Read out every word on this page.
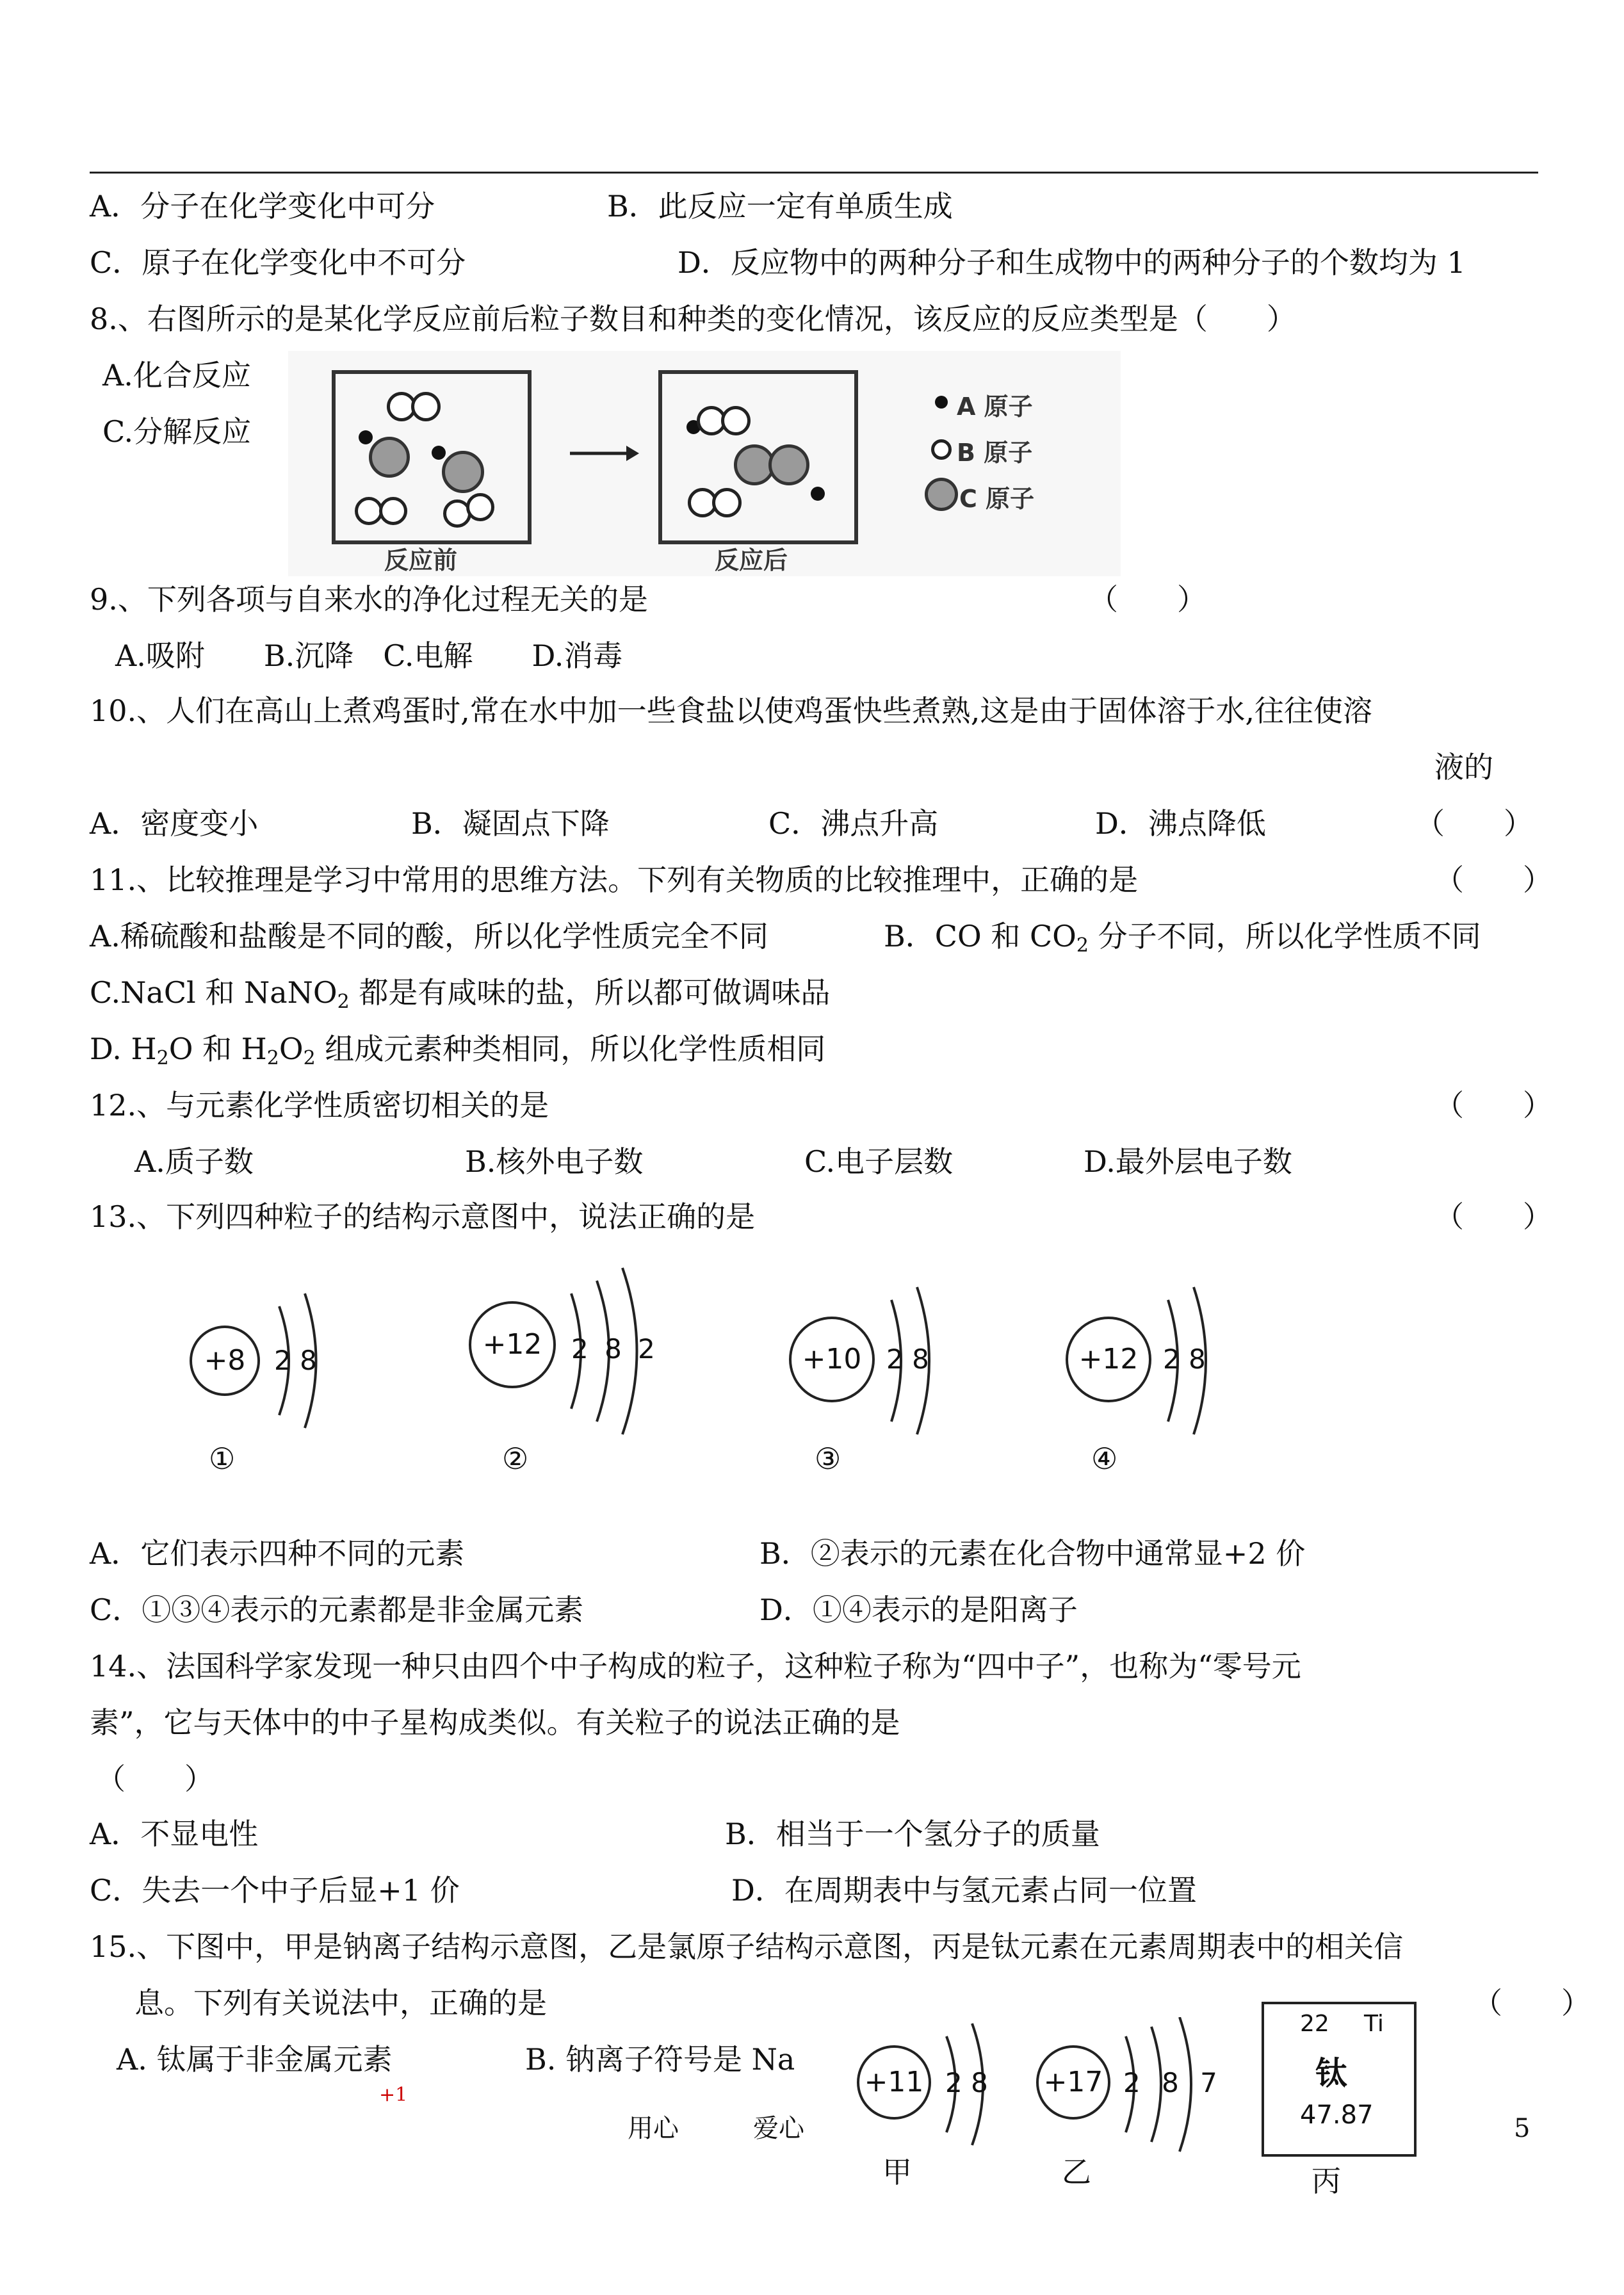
A．分子在化学变化中可分	B．此反应一定有单质生成
C．原子在化学变化中不可分	D．反应物中的两种分子和生成物中的两种分子的个数均为 1
8.、右图所示的是某化学反应前后粒子数目和种类的变化情况，该反应的反应类型是（　　）
A.化合反应
C.分解反应
反应前	反应后
A 原子
B 原子
C 原子
9.、下列各项与自来水的净化过程无关的是	（　　）
A.吸附　　B.沉降　C.电解　　D.消毒
10.、人们在高山上煮鸡蛋时,常在水中加一些食盐以使鸡蛋快些煮熟,这是由于固体溶于水,往往使溶
液的
A．密度变小	B．凝固点下降	C．沸点升高	D．沸点降低	（　　）
11.、比较推理是学习中常用的思维方法。下列有关物质的比较推理中，正确的是	（　　）
A.稀硫酸和盐酸是不同的酸，所以化学性质完全不同	B．CO 和 $CO_2$ 分子不同，所以化学性质不同
C.NaCl 和 NaNO$_2$ 都是有咸味的盐，所以都可做调味品
D. $H_2O$ 和 $H_2O_2$ 组成元素种类相同，所以化学性质相同
12.、与元素化学性质密切相关的是	（　　）
A.质子数	B.核外电子数	C.电子层数	D.最外层电子数
13.、下列四种粒子的结构示意图中，说法正确的是	（　　）
+8	2 8
①
+12	2 8 2
②
+10 2 8
③
+12 2 8
④
A．它们表示四种不同的元素	B．②表示的元素在化合物中通常显+2 价
C．①③④表示的元素都是非金属元素	D．①④表示的是阳离子
14.、法国科学家发现一种只由四个中子构成的粒子，这种粒子称为“四中子”，也称为“零号元
素”，它与天体中的中子星构成类似。有关粒子的说法正确的是
（　　）
A．不显电性	B．相当于一个氢分子的质量
C．失去一个中子后显+1 价	D．在周期表中与氢元素占同一位置
15.、下图中，甲是钠离子结构示意图，乙是氯原子结构示意图，丙是钛元素在元素周期表中的相关信
息。下列有关说法中，正确的是	（　　）
A. 钛属于非金属元素	B. 钠离子符号是 Na
+1	+11 2 8
甲
+17 2 8 7
乙
22 Ti
钛
47.87
丙
用心	爱心	5
